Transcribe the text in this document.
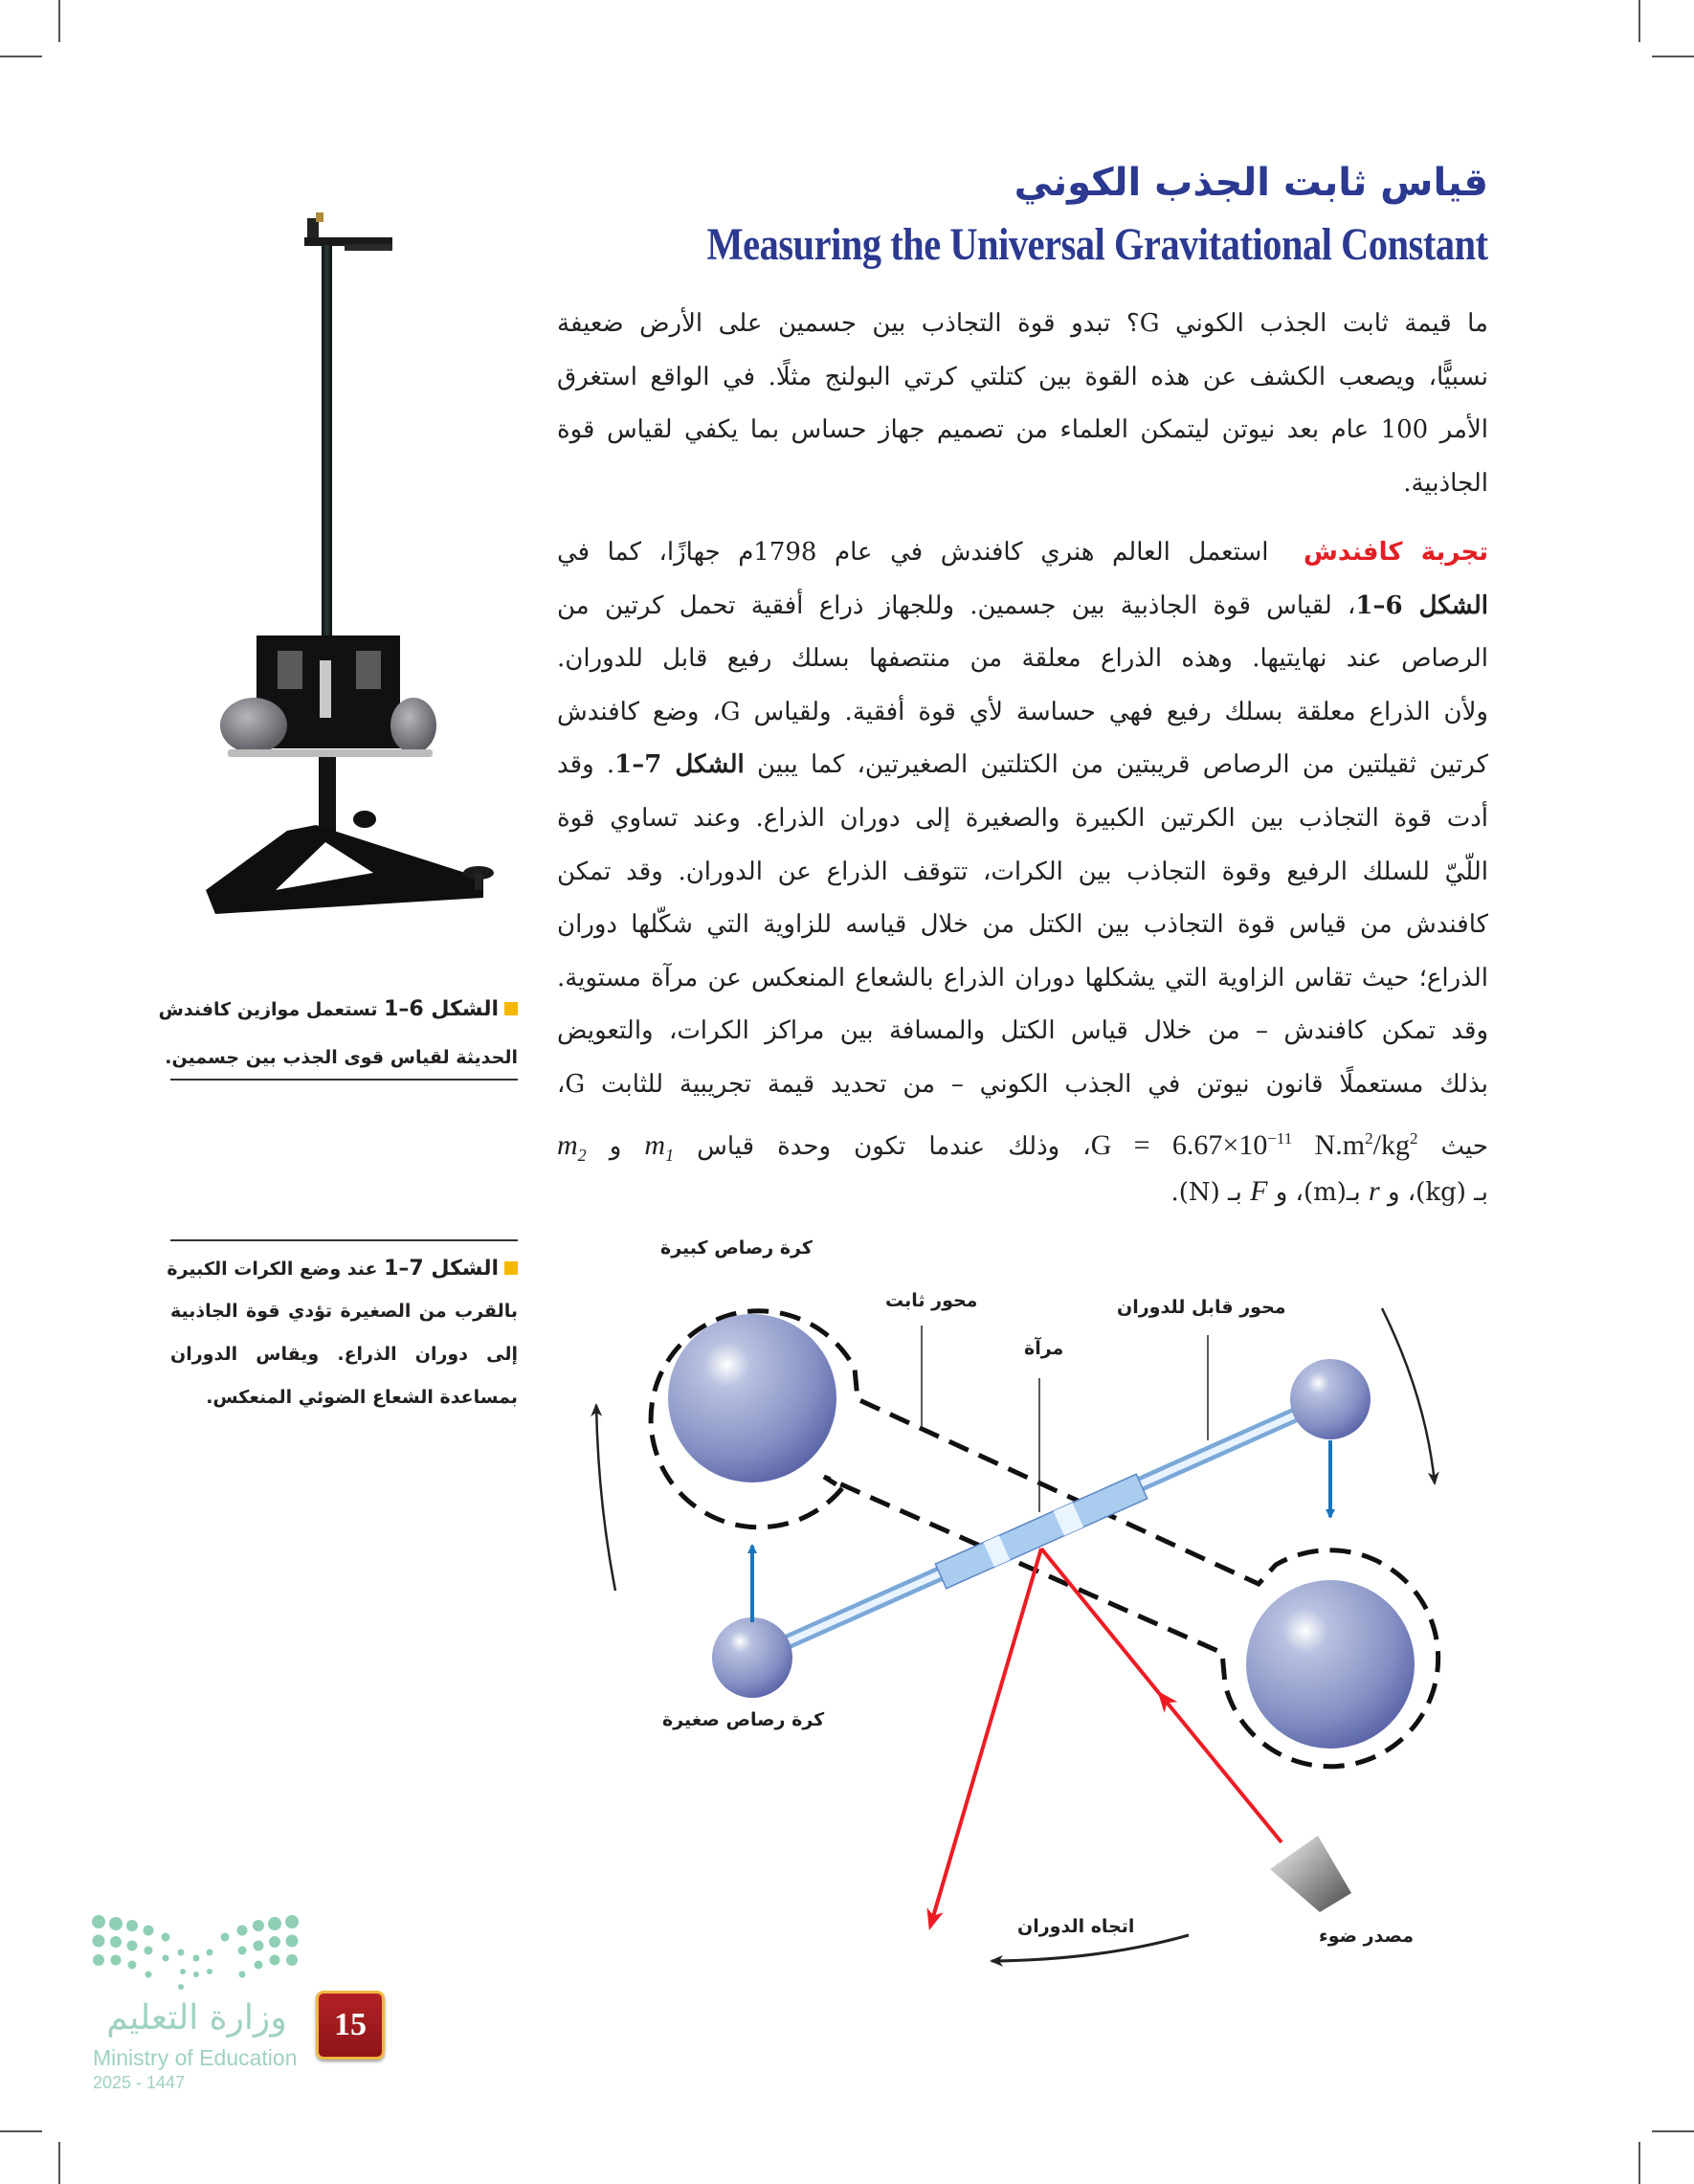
قياس ثابت الجذب الكوني
Measuring the Universal Gravitational Constant
ما قيمة ثابت الجذب الكوني G؟ تبدو قوة التجاذب بين جسمين على الأرض ضعيفة
نسبيًّا، ويصعب الكشف عن هذه القوة بين كتلتي كرتي البولنج مثلًا. في الواقع استغرق
الأمر 100 عام بعد نيوتن ليتمكن العلماء من تصميم جهاز حساس بما يكفي لقياس قوة
الجاذبية.
تجربة كافندش استعمل العالم هنري كافندش في عام 1798م جهازًا، كما في
الشكل 6–1، لقياس قوة الجاذبية بين جسمين. وللجهاز ذراع أفقية تحمل كرتين من
الرصاص عند نهايتيها. وهذه الذراع معلقة من منتصفها بسلك رفيع قابل للدوران.
ولأن الذراع معلقة بسلك رفيع فهي حساسة لأي قوة أفقية. ولقياس G، وضع كافندش
كرتين ثقيلتين من الرصاص قريبتين من الكتلتين الصغيرتين، كما يبين الشكل 7–1. وقد
أدت قوة التجاذب بين الكرتين الكبيرة والصغيرة إلى دوران الذراع. وعند تساوي قوة
اللّيّ للسلك الرفيع وقوة التجاذب بين الكرات، تتوقف الذراع عن الدوران. وقد تمكن
كافندش من قياس قوة التجاذب بين الكتل من خلال قياسه للزاوية التي شكّلها دوران
الذراع؛ حيث تقاس الزاوية التي يشكلها دوران الذراع بالشعاع المنعكس عن مرآة مستوية.
وقد تمكن كافندش – من خلال قياس الكتل والمسافة بين مراكز الكرات، والتعويض
بذلك مستعملًا قانون نيوتن في الجذب الكوني – من تحديد قيمة تجريبية للثابت G،
حيث $G = 6.67\times 10^{-11}$ $N.m^2/kg^2،$ وذلك عندما تكون وحدة قياس $m_1$ و $m_2$
بـ (kg)، و r بـ(m)، و F بـ (N).
الشكل 6–1 تستعمل موازين كافندش
الحديثة لقياس قوى الجذب بين جسمين.
الشكل 7–1 عند وضع الكرات الكبيرة
بالقرب من الصغيرة تؤدي قوة الجاذبية
إلى دوران الذراع. ويقاس الدوران
بمساعدة الشعاع الضوئي المنعكس.
كرة رصاص كبيرة
محور ثابت	محور قابل للدوران
مرآة
كرة رصاص صغيرة
مصدر ضوء
اتجاه الدوران
وزارة التعليم
Ministry of Education
2025 - 1447
15
